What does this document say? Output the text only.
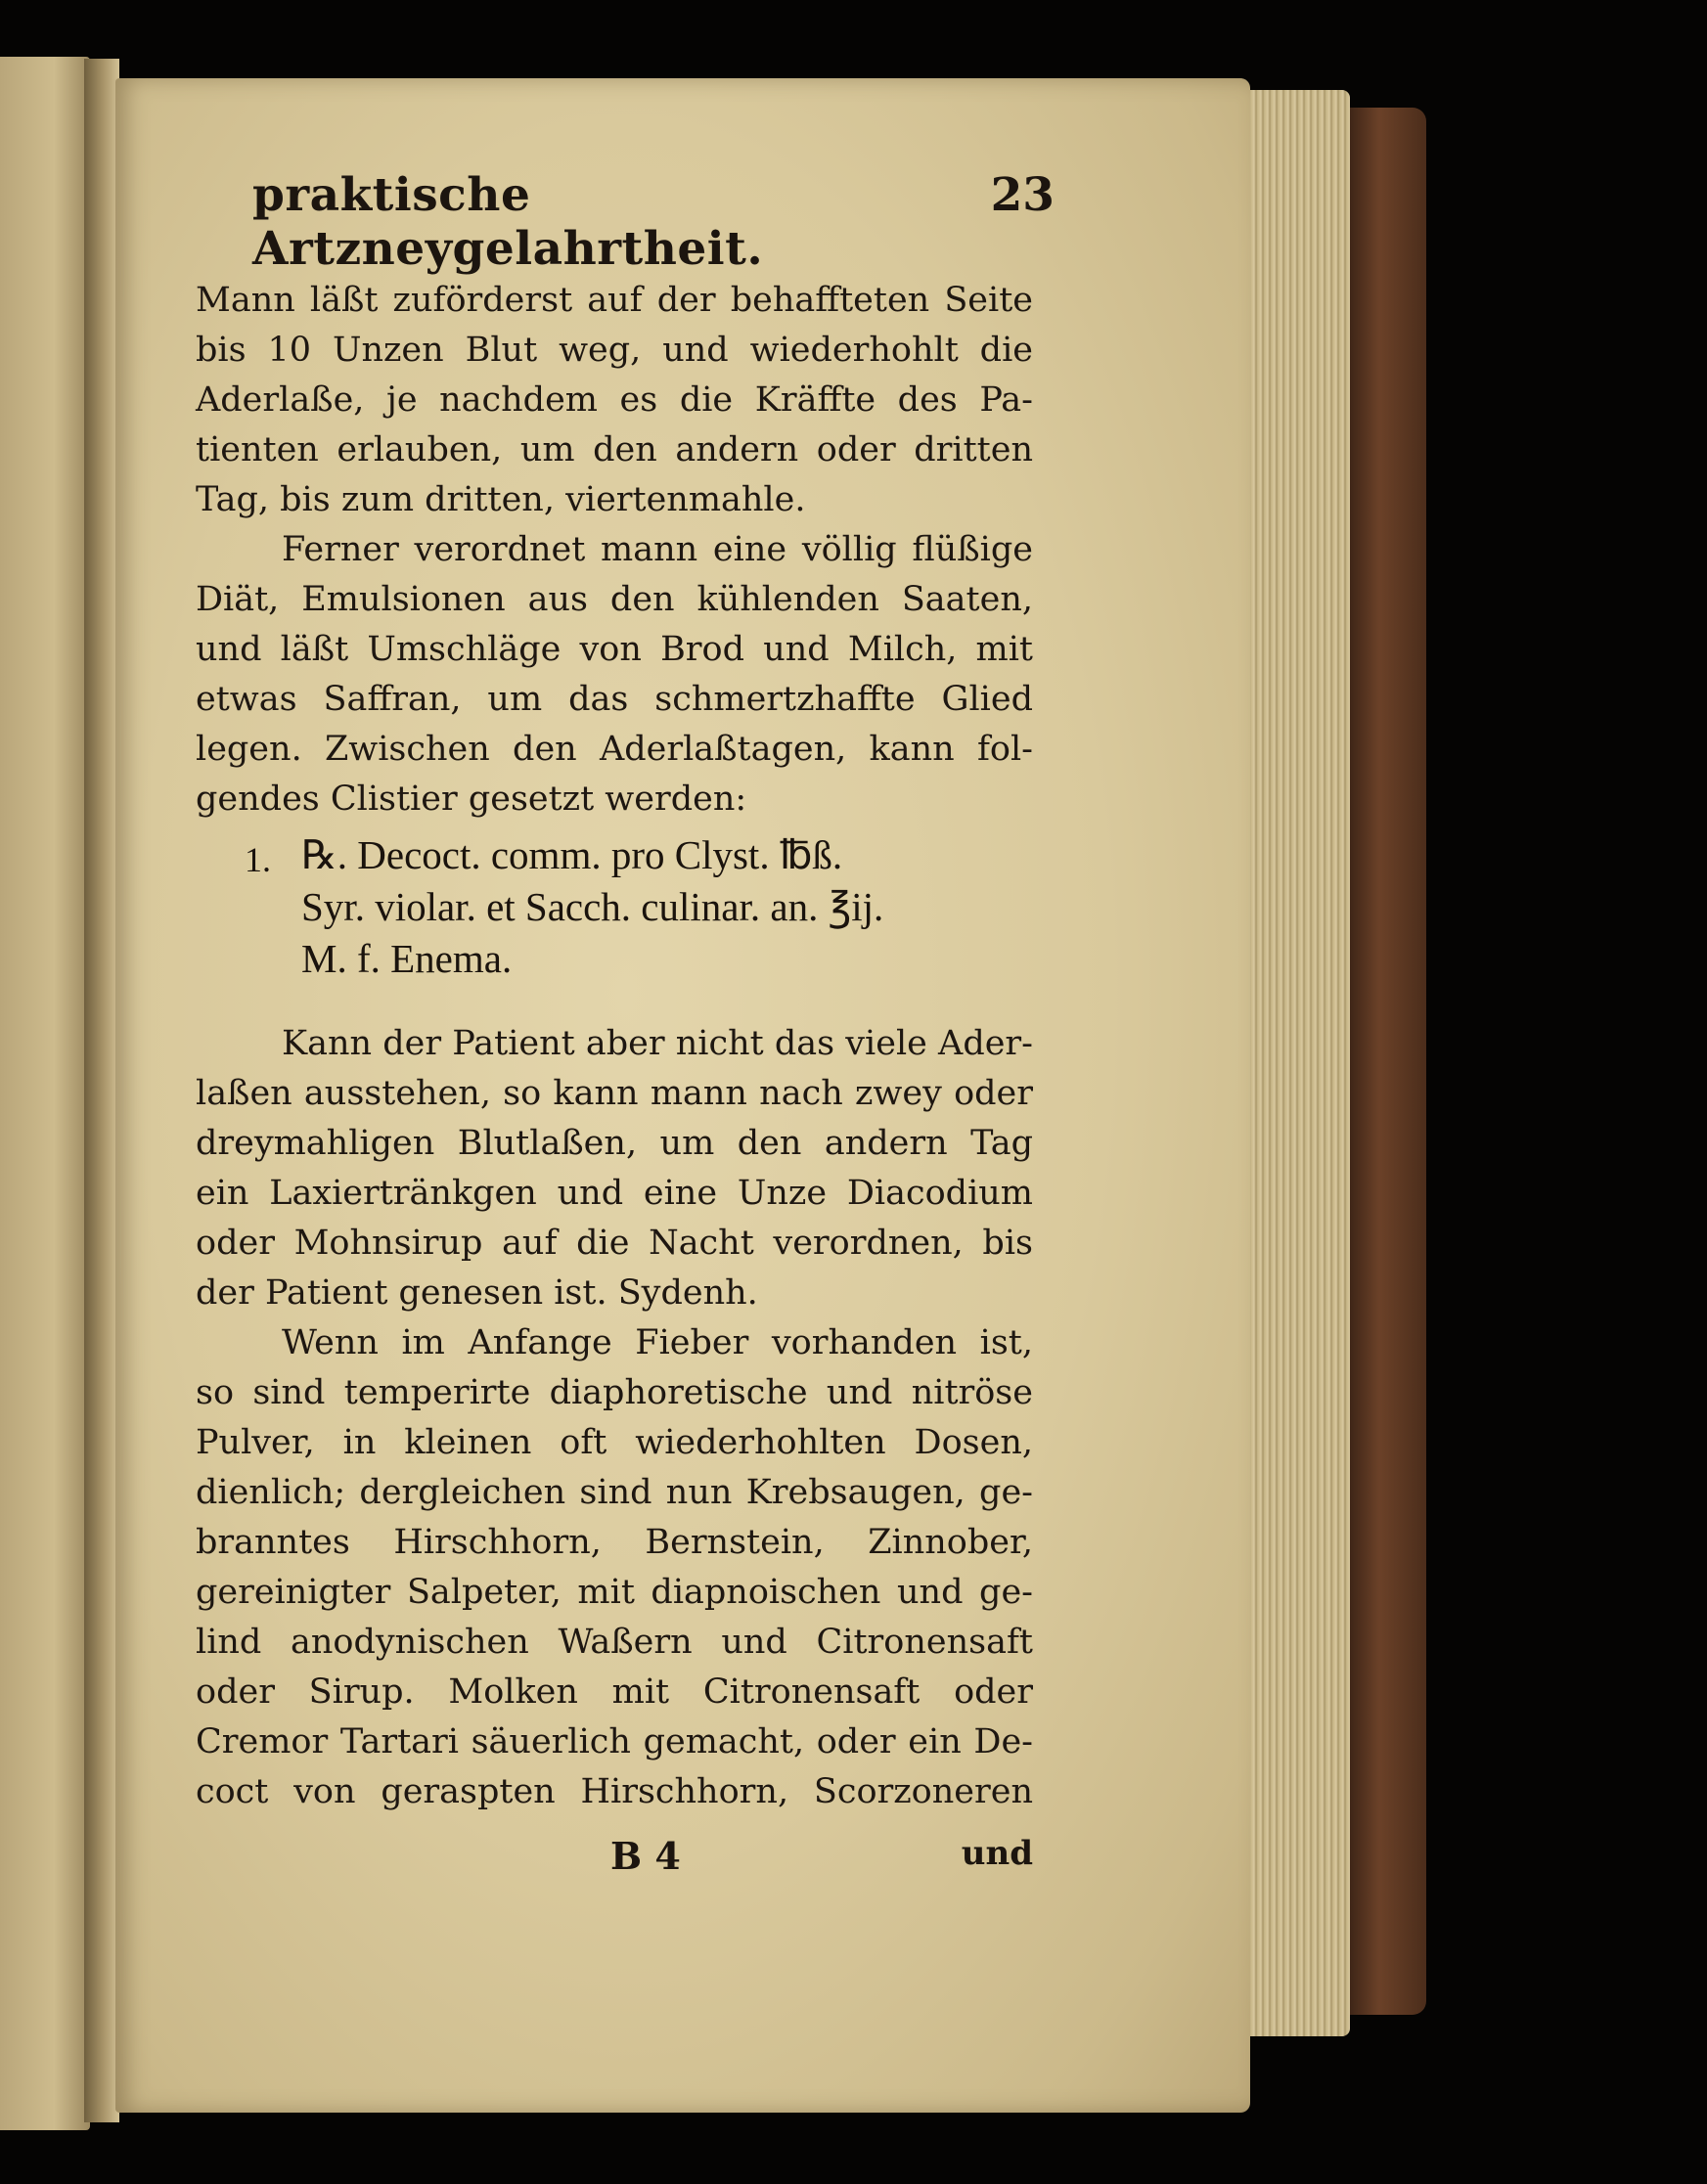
praktische Artzneygelahrtheit.
23
Mann läßt zuförderst auf der behaffteten Seite
bis 10 Unzen Blut weg, und wiederhohlt die
Aderlaße, je nachdem es die Kräffte des Pa-
tienten erlauben, um den andern oder dritten
Tag, bis zum dritten, viertenmahle.
Ferner verordnet mann eine völlig flüßige
Diät, Emulsionen aus den kühlenden Saaten,
und läßt Umschläge von Brod und Milch, mit
etwas Saffran, um das schmertzhaffte Glied
legen. Zwischen den Aderlaßtagen, kann fol-
gendes Clistier gesetzt werden:
1. ℞. Decoct. comm. pro Clyst. ℔ß.
Syr. violar. et Sacch. culinar. an. ℥ij.
M. f. Enema.
Kann der Patient aber nicht das viele Ader-
laßen ausstehen, so kann mann nach zwey oder
dreymahligen Blutlaßen, um den andern Tag
ein Laxiertränkgen und eine Unze Diacodium
oder Mohnsirup auf die Nacht verordnen, bis
der Patient genesen ist. Sydenh.
Wenn im Anfange Fieber vorhanden ist,
so sind temperirte diaphoretische und nitröse
Pulver, in kleinen oft wiederhohlten Dosen,
dienlich; dergleichen sind nun Krebsaugen, ge-
branntes Hirschhorn, Bernstein, Zinnober,
gereinigter Salpeter, mit diapnoischen und ge-
lind anodynischen Waßern und Citronensaft
oder Sirup. Molken mit Citronensaft oder
Cremor Tartari säuerlich gemacht, oder ein De-
coct von geraspten Hirschhorn, Scorzoneren
B 4	und
